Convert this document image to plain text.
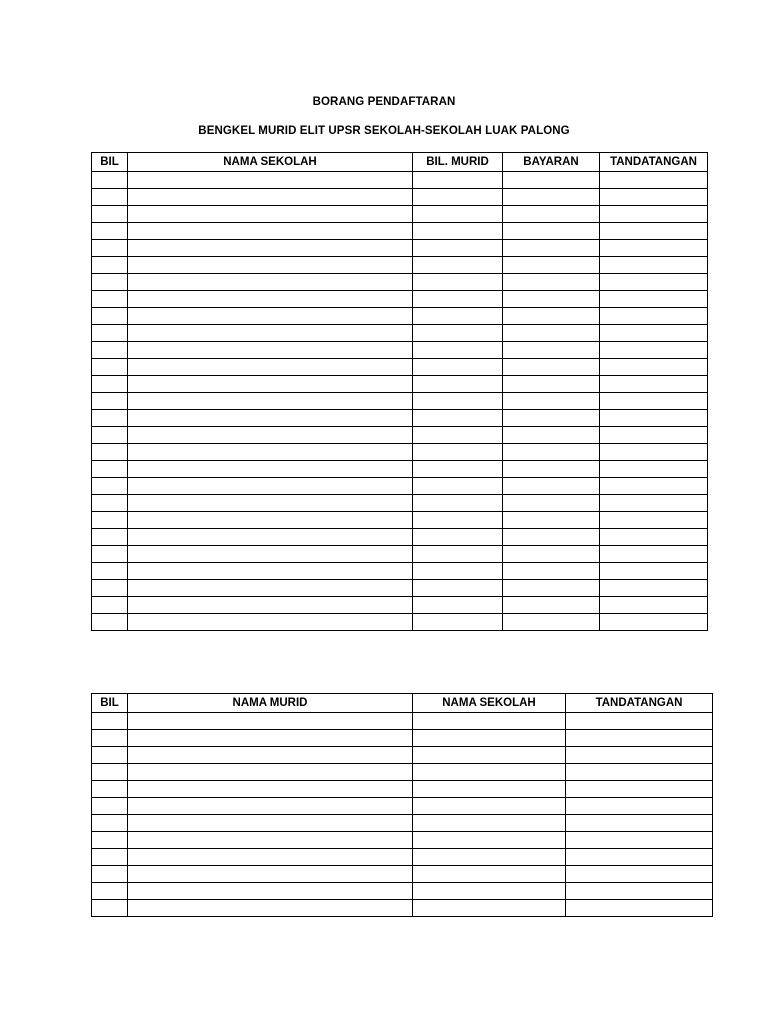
BORANG PENDAFTARAN
BENGKEL MURID ELIT UPSR SEKOLAH-SEKOLAH LUAK PALONG
BIL	NAMA SEKOLAH	BIL. MURID	BAYARAN	TANDATANGAN

BIL	NAMA MURID	NAMA SEKOLAH	TANDATANGAN
